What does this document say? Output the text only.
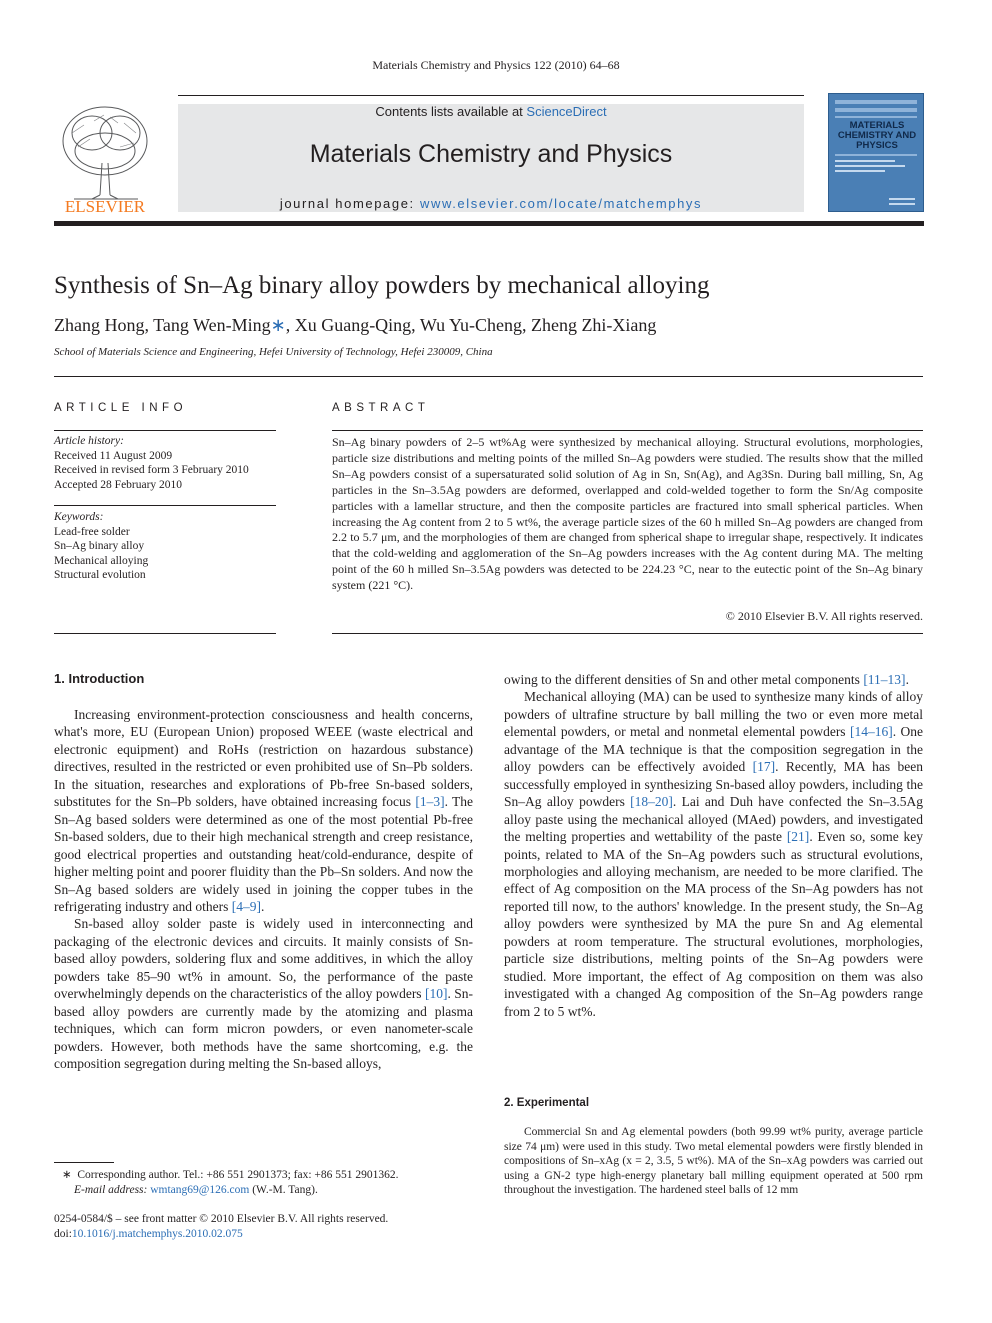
Materials Chemistry and Physics 122 (2010) 64–68
ELSEVIER
Contents lists available at ScienceDirect
Materials Chemistry and Physics
journal homepage: www.elsevier.com/locate/matchemphys
MATERIALS CHEMISTRY AND PHYSICS
Synthesis of Sn–Ag binary alloy powders by mechanical alloying
Zhang Hong, Tang Wen-Ming∗, Xu Guang-Qing, Wu Yu-Cheng, Zheng Zhi-Xiang
School of Materials Science and Engineering, Hefei University of Technology, Hefei 230009, China
ARTICLE INFO
Article history:
Received 11 August 2009
Received in revised form 3 February 2010
Accepted 28 February 2010
Keywords:
Lead-free solder
Sn–Ag binary alloy
Mechanical alloying
Structural evolution
ABSTRACT
Sn–Ag binary powders of 2–5 wt%Ag were synthesized by mechanical alloying. Structural evolutions, morphologies, particle size distributions and melting points of the milled Sn–Ag powders were studied. The results show that the milled Sn–Ag powders consist of a supersaturated solid solution of Ag in Sn, Sn(Ag), and Ag3Sn. During ball milling, Sn, Ag particles in the Sn–3.5Ag powders are deformed, overlapped and cold-welded together to form the Sn/Ag composite particles with a lamellar structure, and then the composite particles are fractured into small spherical particles. When increasing the Ag content from 2 to 5 wt%, the average particle sizes of the 60 h milled Sn–Ag powders are changed from 2.2 to 5.7 μm, and the morphologies of them are changed from spherical shape to irregular shape, respectively. It indicates that the cold-welding and agglomeration of the Sn–Ag powders increases with the Ag content during MA. The melting point of the 60 h milled Sn–3.5Ag powders was detected to be 224.23 °C, near to the eutectic point of the Sn–Ag binary system (221 °C).
© 2010 Elsevier B.V. All rights reserved.
1. Introduction

Increasing environment-protection consciousness and health concerns, what's more, EU (European Union) proposed WEEE (waste electrical and electronic equipment) and RoHs (restriction on hazardous substance) directives, resulted in the restricted or even prohibited use of Sn–Pb solders. In the situation, researches and explorations of Pb-free Sn-based solders, substitutes for the Sn–Pb solders, have obtained increasing focus [1–3]. The Sn–Ag based solders were determined as one of the most potential Pb-free Sn-based solders, due to their high mechanical strength and creep resistance, good electrical properties and outstanding heat/cold-endurance, despite of higher melting point and poorer fluidity than the Pb–Sn solders. And now the Sn–Ag based solders are widely used in joining the copper tubes in the refrigerating industry and others [4–9].

Sn-based alloy solder paste is widely used in interconnecting and packaging of the electronic devices and circuits. It mainly consists of Sn-based alloy powders, soldering flux and some additives, in which the alloy powders take 85–90 wt% in amount. So, the performance of the paste overwhelmingly depends on the characteristics of the alloy powders [10]. Sn-based alloy powders are currently made by the atomizing and plasma techniques, which can form micron powders, or even nanometer-scale powders. However, both methods have the same shortcoming, e.g. the composition segregation during melting the Sn-based alloys,

owing to the different densities of Sn and other metal components [11–13].

Mechanical alloying (MA) can be used to synthesize many kinds of alloy powders of ultrafine structure by ball milling the two or even more metal elemental powders, or metal and nonmetal elemental powders [14–16]. One advantage of the MA technique is that the composition segregation in the alloy powders can be effectively avoided [17]. Recently, MA has been successfully employed in synthesizing Sn-based alloy powders, including the Sn–Ag alloy powders [18–20]. Lai and Duh have confected the Sn–3.5Ag alloy paste using the mechanical alloyed (MAed) powders, and investigated the melting properties and wettability of the paste [21]. Even so, some key points, related to MA of the Sn–Ag powders such as structural evolutions, morphologies and alloying mechanism, are needed to be more clarified. The effect of Ag composition on the MA process of the Sn–Ag powders has not reported till now, to the authors' knowledge. In the present study, the Sn–Ag alloy powders were synthesized by MA the pure Sn and Ag elemental powders at room temperature. The structural evolutiones, morphologies, particle size distributions, melting points of the Sn–Ag powders were studied. More important, the effect of Ag composition on them was also investigated with a changed Ag composition of the Sn–Ag powders range from 2 to 5 wt%.

2. Experimental

Commercial Sn and Ag elemental powders (both 99.99 wt% purity, average particle size 74 μm) were used in this study. Two metal elemental powders were firstly blended in compositions of Sn–xAg (x = 2, 3.5, 5 wt%). MA of the Sn–xAg powders was carried out using a GN-2 type high-energy planetary ball milling equipment operated at 500 rpm throughout the investigation. The hardened steel balls of 12 mm

∗ Corresponding author. Tel.: +86 551 2901373; fax: +86 551 2901362.
E-mail address: wmtang69@126.com (W.-M. Tang).
0254-0584/$ – see front matter © 2010 Elsevier B.V. All rights reserved.
doi:10.1016/j.matchemphys.2010.02.075
